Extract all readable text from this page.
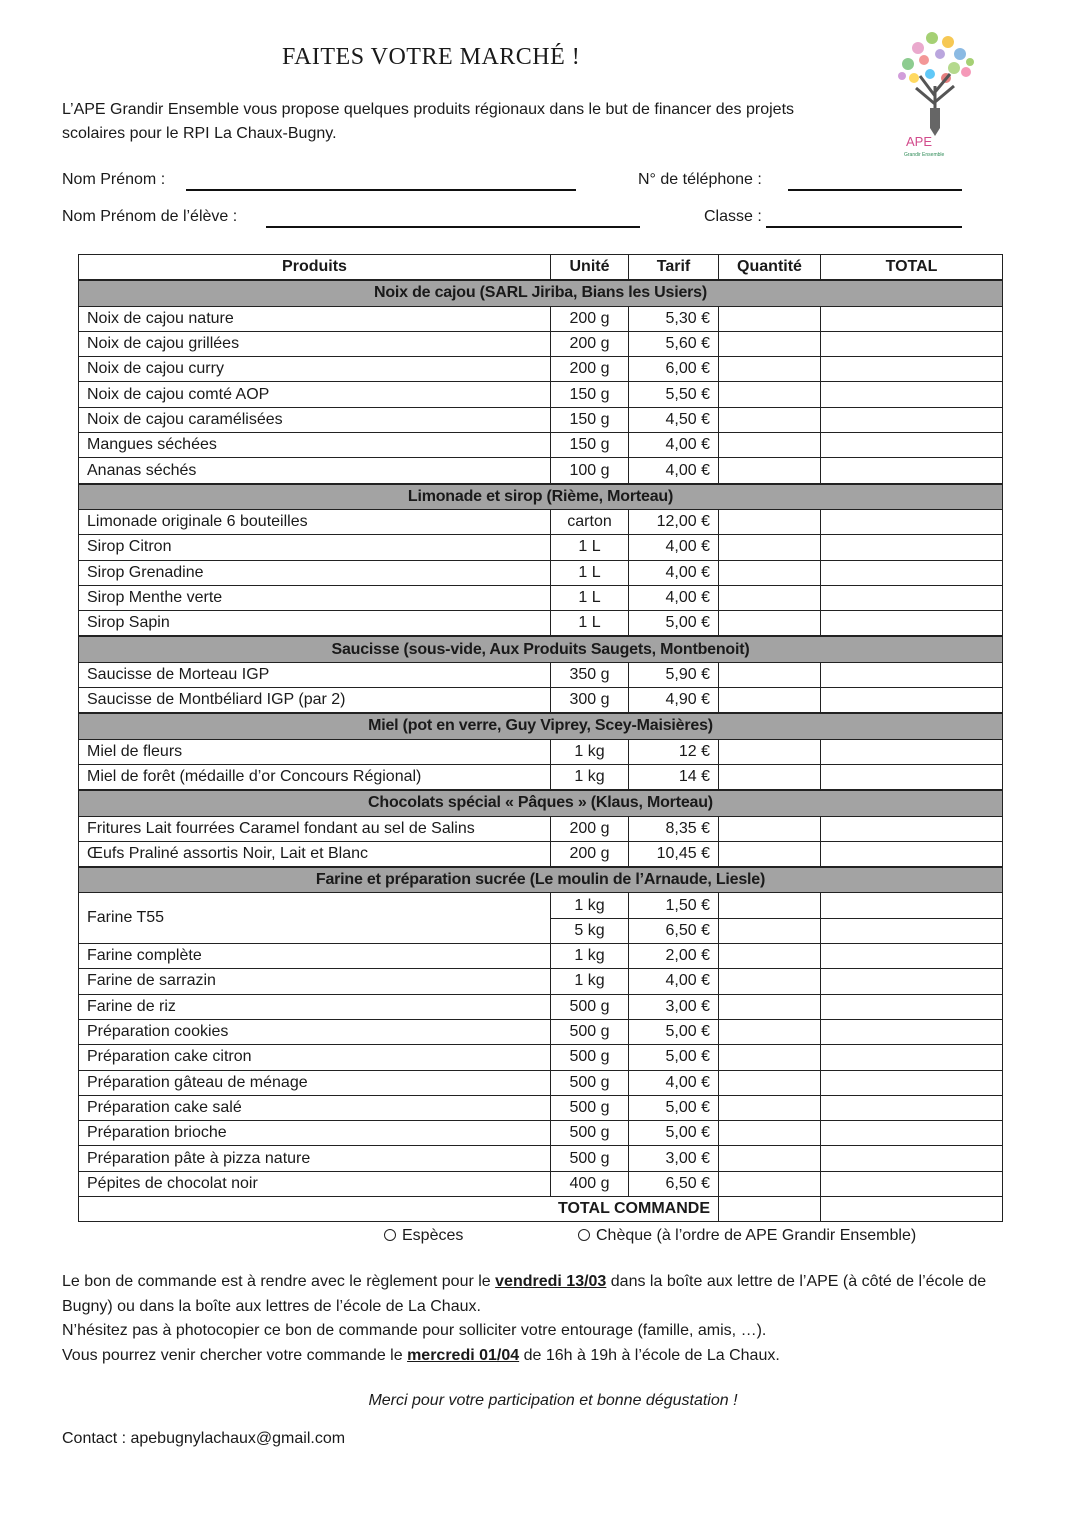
FAITES VOTRE MARCHÉ !
APE
Grandir Ensemble
L’APE Grandir Ensemble vous propose quelques produits régionaux dans le but de financer des projets scolaires pour le RPI La Chaux-Bugny.
Nom Prénom :	N° de téléphone :
Nom Prénom de l’élève :	Classe :
Produits	Unité	Tarif	Quantité	TOTAL
Noix de cajou (SARL Jiriba, Bians les Usiers)				
Noix de cajou nature	200 g	5,30 €		
Noix de cajou grillées	200 g	5,60 €		
Noix de cajou curry	200 g	6,00 €		
Noix de cajou comté AOP	150 g	5,50 €		
Noix de cajou caramélisées	150 g	4,50 €		
Mangues séchées	150 g	4,00 €		
Ananas séchés	100 g	4,00 €		
Limonade et sirop (Rième, Morteau)				
Limonade originale 6 bouteilles	carton	12,00 €		
Sirop Citron	1 L	4,00 €		
Sirop Grenadine	1 L	4,00 €		
Sirop Menthe verte	1 L	4,00 €		
Sirop Sapin	1 L	5,00 €		
Saucisse (sous-vide, Aux Produits Saugets, Montbenoit)				
Saucisse de Morteau IGP	350 g	5,90 €		
Saucisse de Montbéliard IGP (par 2)	300 g	4,90 €		
Miel (pot en verre, Guy Viprey, Scey-Maisières)				
Miel de fleurs	1 kg	12 €		
Miel de forêt (médaille d’or Concours Régional)	1 kg	14 €		
Chocolats spécial « Pâques » (Klaus, Morteau)				
Fritures Lait fourrées Caramel fondant au sel de Salins	200 g	8,35 €		
Œufs Praliné assortis Noir, Lait et Blanc	200 g	10,45 €		
Farine et préparation sucrée (Le moulin de l’Arnaude, Liesle)				
Farine T55	1 kg	1,50 €		
	5 kg	6,50 €		
Farine complète	1 kg	2,00 €		
Farine de sarrazin	1 kg	4,00 €		
Farine de riz	500 g	3,00 €		
Préparation cookies	500 g	5,00 €		
Préparation cake citron	500 g	5,00 €		
Préparation gâteau de ménage	500 g	4,00 €		
Préparation cake salé	500 g	5,00 €		
Préparation brioche	500 g	5,00 €		
Préparation pâte à pizza nature	500 g	3,00 €		
Pépites de chocolat noir	400 g	6,50 €		
TOTAL COMMANDE				
Espèces	Chèque (à l’ordre de APE Grandir Ensemble)
Le bon de commande est à rendre avec le règlement pour le vendredi 13/03 dans la boîte aux lettre de l’APE (à côté de l’école de Bugny) ou dans la boîte aux lettres de l’école de La Chaux.
N’hésitez pas à photocopier ce bon de commande pour solliciter votre entourage (famille, amis, …).
Vous pourrez venir chercher votre commande le mercredi 01/04 de 16h à 19h à l’école de La Chaux.
Merci pour votre participation et bonne dégustation !
Contact : apebugnylachaux@gmail.com
